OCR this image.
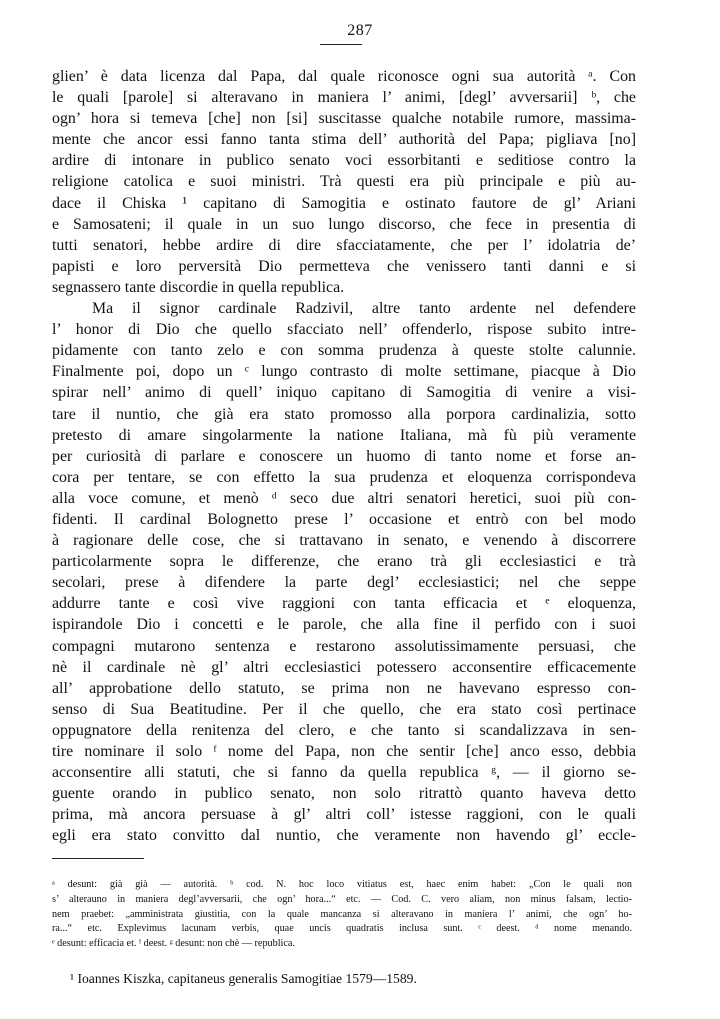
287
glien’ è data licenza dal Papa, dal quale riconosce ogni sua autorità ᵃ. Con
le quali [parole] si alteravano in maniera l’ animi, [degl’ avversarii] ᵇ, che
ogn’ hora si temeva [che] non [si] suscitasse qualche notabile rumore, massima-
mente che ancor essi fanno tanta stima dell’ authorità del Papa; pigliava [no]
ardire di intonare in publico senato voci essorbitanti e seditiose contro la
religione catolica e suoi ministri. Trà questi era più principale e più au-
dace il Chiska ¹ capitano di Samogitia e ostinato fautore de gl’ Ariani
e Samosateni; il quale in un suo lungo discorso, che fece in presentia di
tutti senatori, hebbe ardire di dire sfacciatamente, che per l’ idolatria de’
papisti e loro perversità Dio permetteva che venissero tanti danni e si
segnassero tante discordie in quella republica.
Ma il signor cardinale Radzivil, altre tanto ardente nel defendere
l’ honor di Dio che quello sfacciato nell’ offenderlo, rispose subito intre-
pidamente con tanto zelo e con somma prudenza à queste stolte calunnie.
Finalmente poi, dopo un ᶜ lungo contrasto di molte settimane, piacque à Dio
spirar nell’ animo di quell’ iniquo capitano di Samogitia di venire a visi-
tare il nuntio, che già era stato promosso alla porpora cardinalizia, sotto
pretesto di amare singolarmente la natione Italiana, mà fù più veramente
per curiosità di parlare e conoscere un huomo di tanto nome et forse an-
cora per tentare, se con effetto la sua prudenza et eloquenza corrispondeva
alla voce comune, et menò ᵈ seco due altri senatori heretici, suoi più con-
fidenti. Il cardinal Bolognetto prese l’ occasione et entrò con bel modo
à ragionare delle cose, che si trattavano in senato, e venendo à discorrere
particolarmente sopra le differenze, che erano trà gli ecclesiastici e trà
secolari, prese à difendere la parte degl’ ecclesiastici; nel che seppe
addurre tante e così vive raggioni con tanta efficacia et ᵉ eloquenza,
ispirandole Dio i concetti e le parole, che alla fine il perfido con i suoi
compagni mutarono sentenza e restarono assolutissimamente persuasi, che
nè il cardinale nè gl’ altri ecclesiastici potessero acconsentire efficacemente
all’ approbatione dello statuto, se prima non ne havevano espresso con-
senso di Sua Beatitudine. Per il che quello, che era stato così pertinace
oppugnatore della renitenza del clero, e che tanto si scandalizzava in sen-
tire nominare il solo ᶠ nome del Papa, non che sentir [che] anco esso, debbia
acconsentire alli statuti, che si fanno da quella republica ᵍ, — il giorno se-
guente orando in publico senato, non solo ritrattò quanto haveva detto
prima, mà ancora persuase à gl’ altri coll’ istesse raggioni, con le quali
egli era stato convitto dal nuntio, che veramente non havendo gl’ eccle-
ᵃ desunt: già già — autorità. ᵇ cod. N. hoc loco vitiatus est, haec enim habet: „Con le quali non
s’ alterauno in maniera degl’avversarii, che ogn’ hora...“ etc. — Cod. C. vero aliam, non minus falsam, lectio-
nem praebet: „amministrata giustitia, con la quale mancanza si alteravano in maniera l’ animi, che ogn’ ho-
ra...“ etc. Explevimus lacunam verbis, quae uncis quadratis inclusa sunt. ᶜ deest. ᵈ nome menando.
ᵉ desunt: efficacia et. ᶠ deest. ᵍ desunt: non chè — republica.
¹ Ioannes Kiszka, capitaneus generalis Samogitiae 1579—1589.
